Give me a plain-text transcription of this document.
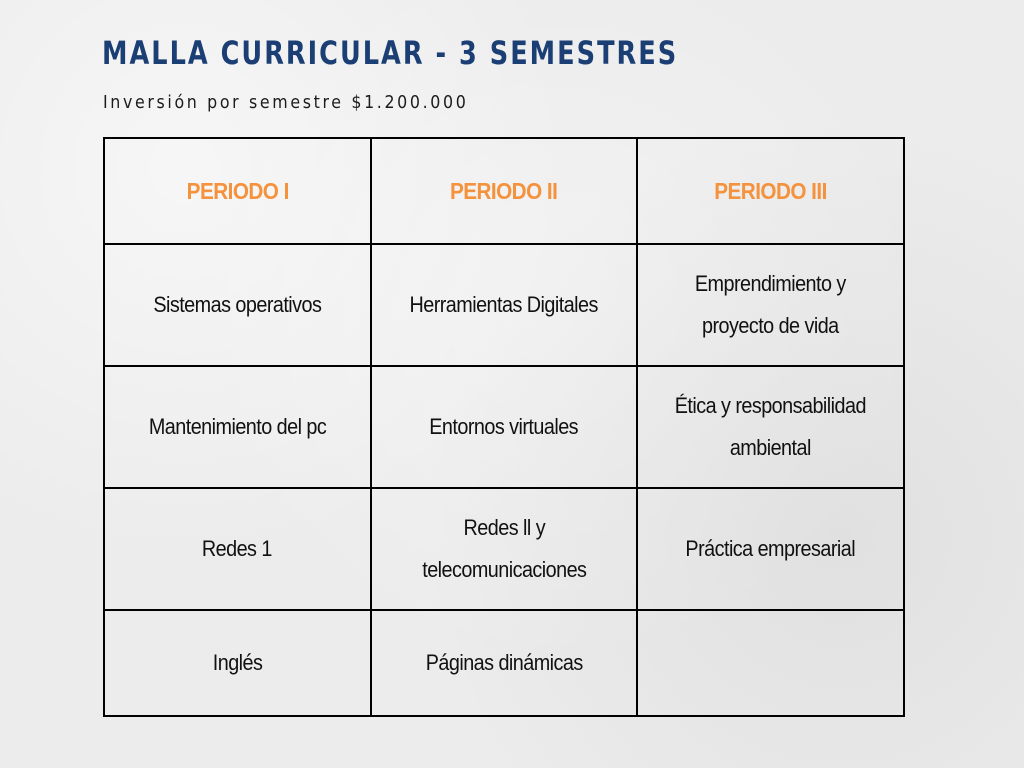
MALLA CURRICULAR - 3 SEMESTRES

Inversión por semestre $1.200.000

PERIODO I	PERIODO II	PERIODO III
Sistemas operativos	Herramientas Digitales	Emprendimiento y proyecto de vida
Mantenimiento del pc	Entornos virtuales	Ética y responsabilidad ambiental
Redes 1	Redes ll y telecomunicaciones	Práctica empresarial
Inglés	Páginas dinámicas	
